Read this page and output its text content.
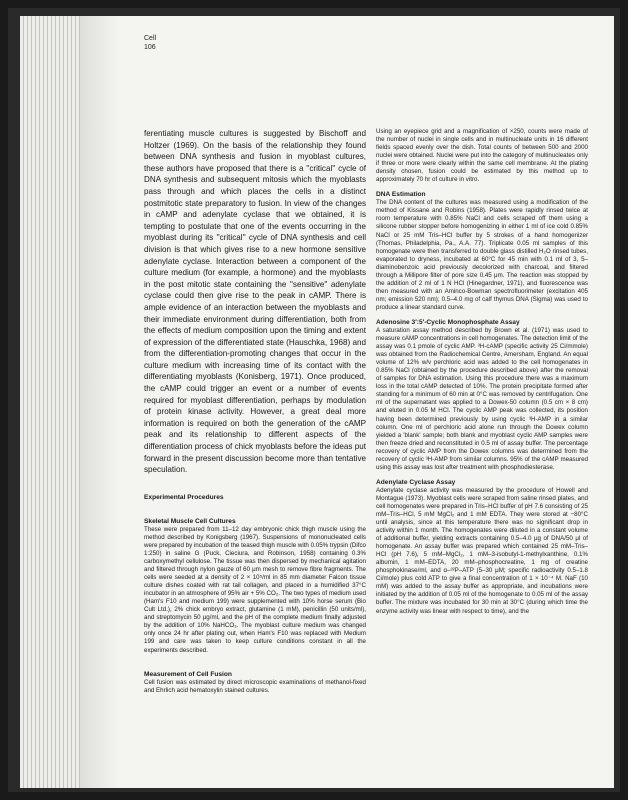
Cell
106

ferentiating muscle cultures is suggested by Bischoff and Holtzer (1969). On the basis of the relationship they found between DNA synthesis and fusion in myoblast cultures, these authors have proposed that there is a ''critical'' cycle of DNA synthesis and subsequent mitosis which the myoblasts pass through and which places the cells in a distinct postmitotic state preparatory to fusion. In view of the changes in cAMP and adenylate cyclase that we obtained, it is tempting to postulate that one of the events occurring in the myoblast during its ''critical'' cycle of DNA synthesis and cell division is that which gives rise to a new hormone sensitive adenylate cyclase. Interaction between a component of the culture medium (for example, a hormone) and the myoblasts in the post mitotic state containing the ''sensitive'' adenylate cyclase could then give rise to the peak in cAMP. There is ample evidence of an interaction between the myoblasts and their immediate environment during differentiation, both from the effects of medium composition upon the timing and extent of expression of the differentiated state (Hauschka, 1968) and from the differentiation-promoting changes that occur in the culture medium with increasing time of its contact with the differentiating myoblasts (Konisberg, 1971). Once produced, the cAMP could trigger an event or a number of events required for myoblast differentiation, perhaps by modulation of protein kinase activity. However, a great deal more information is required on both the generation of the cAMP peak and its relationship to different aspects of the differentiation process of chick myoblasts before the ideas put forward in the present discussion become more than tentative speculation.

Experimental Procedures
Skeletal Muscle Cell Cultures

These were prepared from 11–12 day embryonic chick thigh muscle using the method described by Konigsberg (1967). Suspensions of mononucleated cells were prepared by incubation of the teased thigh muscle with 0.05% trypsin (Difco 1:250) in saline G (Puck, Cieciura, and Robinson, 1958) containing 0.3% carboxymethyl cellulose. The tissue was then dispersed by mechanical agitation and filtered through nylon gauze of 60 μm mesh to remove fibre fragments. The cells were seeded at a density of 2 × 10⁵/ml in 85 mm diameter Falcon tissue culture dishes coated with rat tail collagen, and placed in a humidified 37°C incubator in an atmosphere of 95% air + 5% CO₂. The two types of medium used (Ham's F10 and medium 199) were supplemented with 10% horse serum (Bio Cult Ltd.), 2% chick embryo extract, glutamine (1 mM), penicillin (50 units/ml), and streptomycin 50 μg/ml, and the pH of the complete medium finally adjusted by the addition of 10% NaHCO₃. The myoblast culture medium was changed only once 24 hr after plating out, when Ham's F10 was replaced with Medium 199 and care was taken to keep culture conditions constant in all the experiments described.

Measurement of Cell Fusion

Cell fusion was estimated by direct microscopic examinations of methanol-fixed and Ehrlich acid hematoxylin stained cultures.

Using an eyepiece grid and a magnification of ×250, counts were made of the number of nuclei in single cells and in multinucleate units in 16 different fields spaced evenly over the dish. Total counts of between 500 and 2000 nuclei were obtained. Nuclei were put into the category of multinucleates only if three or more were clearly within the same cell membrane. At the plating density chosen, fusion could be estimated by this method up to approximately 70 hr of culture in vitro.

DNA Estimation

The DNA content of the cultures was measured using a modification of the method of Kissane and Robins (1958). Plates were rapidly rinsed twice at room temperature with 0.85% NaCl and cells scraped off them using a silicone rubber stopper before homogenizing in either 1 ml of ice cold 0.85% NaCl or 25 mM Tris–HCl buffer by 5 strokes of a hand homogenizer (Thomas, Philadelphia, Pa., A.A. 77). Triplicate 0.05 ml samples of this homogenate were then transferred to double glass distilled H₂O rinsed tubes, evaporated to dryness, incubated at 60°C for 45 min with 0.1 ml of 3, 5–diaminobenzoic acid previously decolorized with charcoal, and filtered through a Millipore filter of pore size 0.45 μm. The reaction was stopped by the addition of 2 ml of 1 N HCl (Hinegardner, 1971), and fluorescence was then measured with an Aminco-Bowman spectrofluorimeter (excitation 405 nm; emission 520 nm); 0.5–4.0 mg of calf thymus DNA (Sigma) was used to produce a linear standard curve.

Adenosine 3′:5′-Cyclic Monophosphate Assay

A saturation assay method described by Brown et al. (1971) was used to measure cAMP concentrations in cell homogenates. The detection limit of the assay was 0.1 pmole of cyclic AMP. ³H-cAMP (specific activity 25 Ci/mmole) was obtained from the Radiochemical Centre, Amersham, England. An equal volume of 12% w/v perchloric acid was added to the cell homogenates in 0.85% NaCl (obtained by the procedure described above) after the removal of samples for DNA estimation. Using this procedure there was a maximum loss in the total cAMP detected of 10%. The protein precipitate formed after standing for a minimum of 60 min at 0°C was removed by centrifugation. One ml of the supernatant was applied to a Dowex-50 column (0.5 cm × 8 cm) and eluted in 0.05 M HCl. The cyclic AMP peak was collected, its position having been determined previously by using cyclic ³H-AMP in a similar column. One ml of perchloric acid alone run through the Dowex column yielded a 'blank' sample; both blank and myoblast cyclic AMP samples were then freeze dried and reconstituted in 0.5 ml of assay buffer. The percentage recovery of cyclic AMP from the Dowex columns was determined from the recovery of cyclic ³H-AMP from similar columns. 95% of the cAMP measured using this assay was lost after treatment with phosphodiesterase.

Adenylate Cyclase Assay

Adenylate cyclase activity was measured by the procedure of Howell and Montague (1973). Myoblast cells were scraped from saline rinsed plates, and cell homogenates were prepared in Tris–HCl buffer of pH 7.6 consisting of 25 mM–Tris–HCl, 5 mM MgCl₂ and 1 mM EDTA. They were stored at −80°C until analysis, since at this temperature there was no significant drop in activity within 1 month. The homogenates were diluted in a constant volume of additional buffer, yielding extracts containing 0.5–4.0 μg of DNA/50 μl of homogenate. An assay buffer was prepared which contained 25 mM–Tris–HCl (pH 7.6), 5 mM–MgCl₂, 1 mM–3-isobutyl-1-methylxanthine, 0.1% albumin, 1 mM–EDTA, 20 mM–phosphocreatine, 1 mg of creatine phosphokinase/ml, and α–³²P–ATP (5–30 μM; specific radioactivity 0.5–1.8 Ci/mole) plus cold ATP to give a final concentration of 1 × 10⁻⁴ M. NaF (10 mM) was added to the assay buffer as appropriate, and incubations were initiated by the addition of 0.05 ml of the homogenate to 0.05 ml of the assay buffer. The mixture was incubated for 30 min at 30°C (during which time the enzyme activity was linear with respect to time), and the
